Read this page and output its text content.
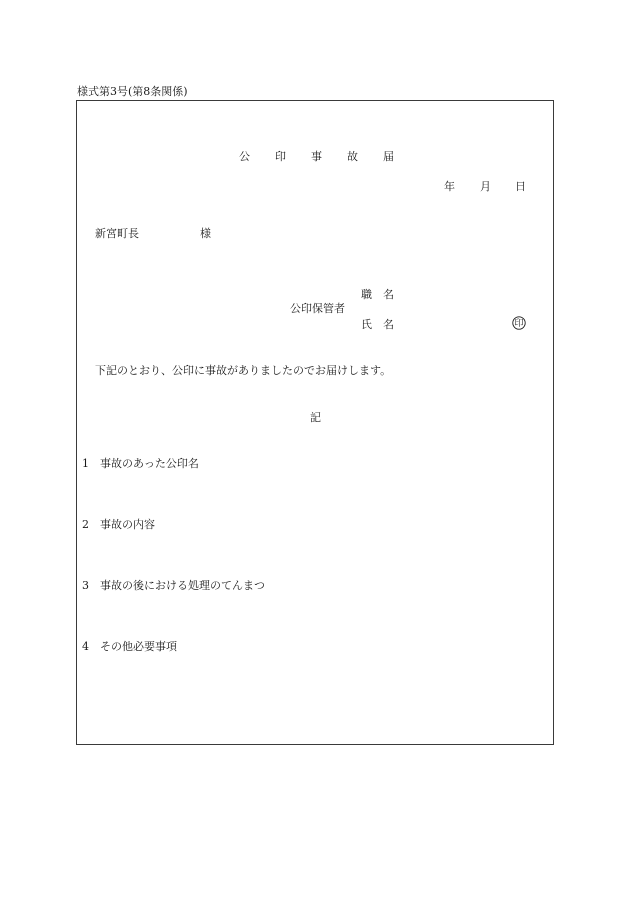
様式第3号(第8条関係)
公 印 事 故 届
年 月 日
新宮町長	様
職　名
公印保管者
氏　名	印
下記のとおり、公印に事故がありましたのでお届けします。
記
1 事故のあった公印名
2 事故の内容
3 事故の後における処理のてんまつ
4 その他必要事項
